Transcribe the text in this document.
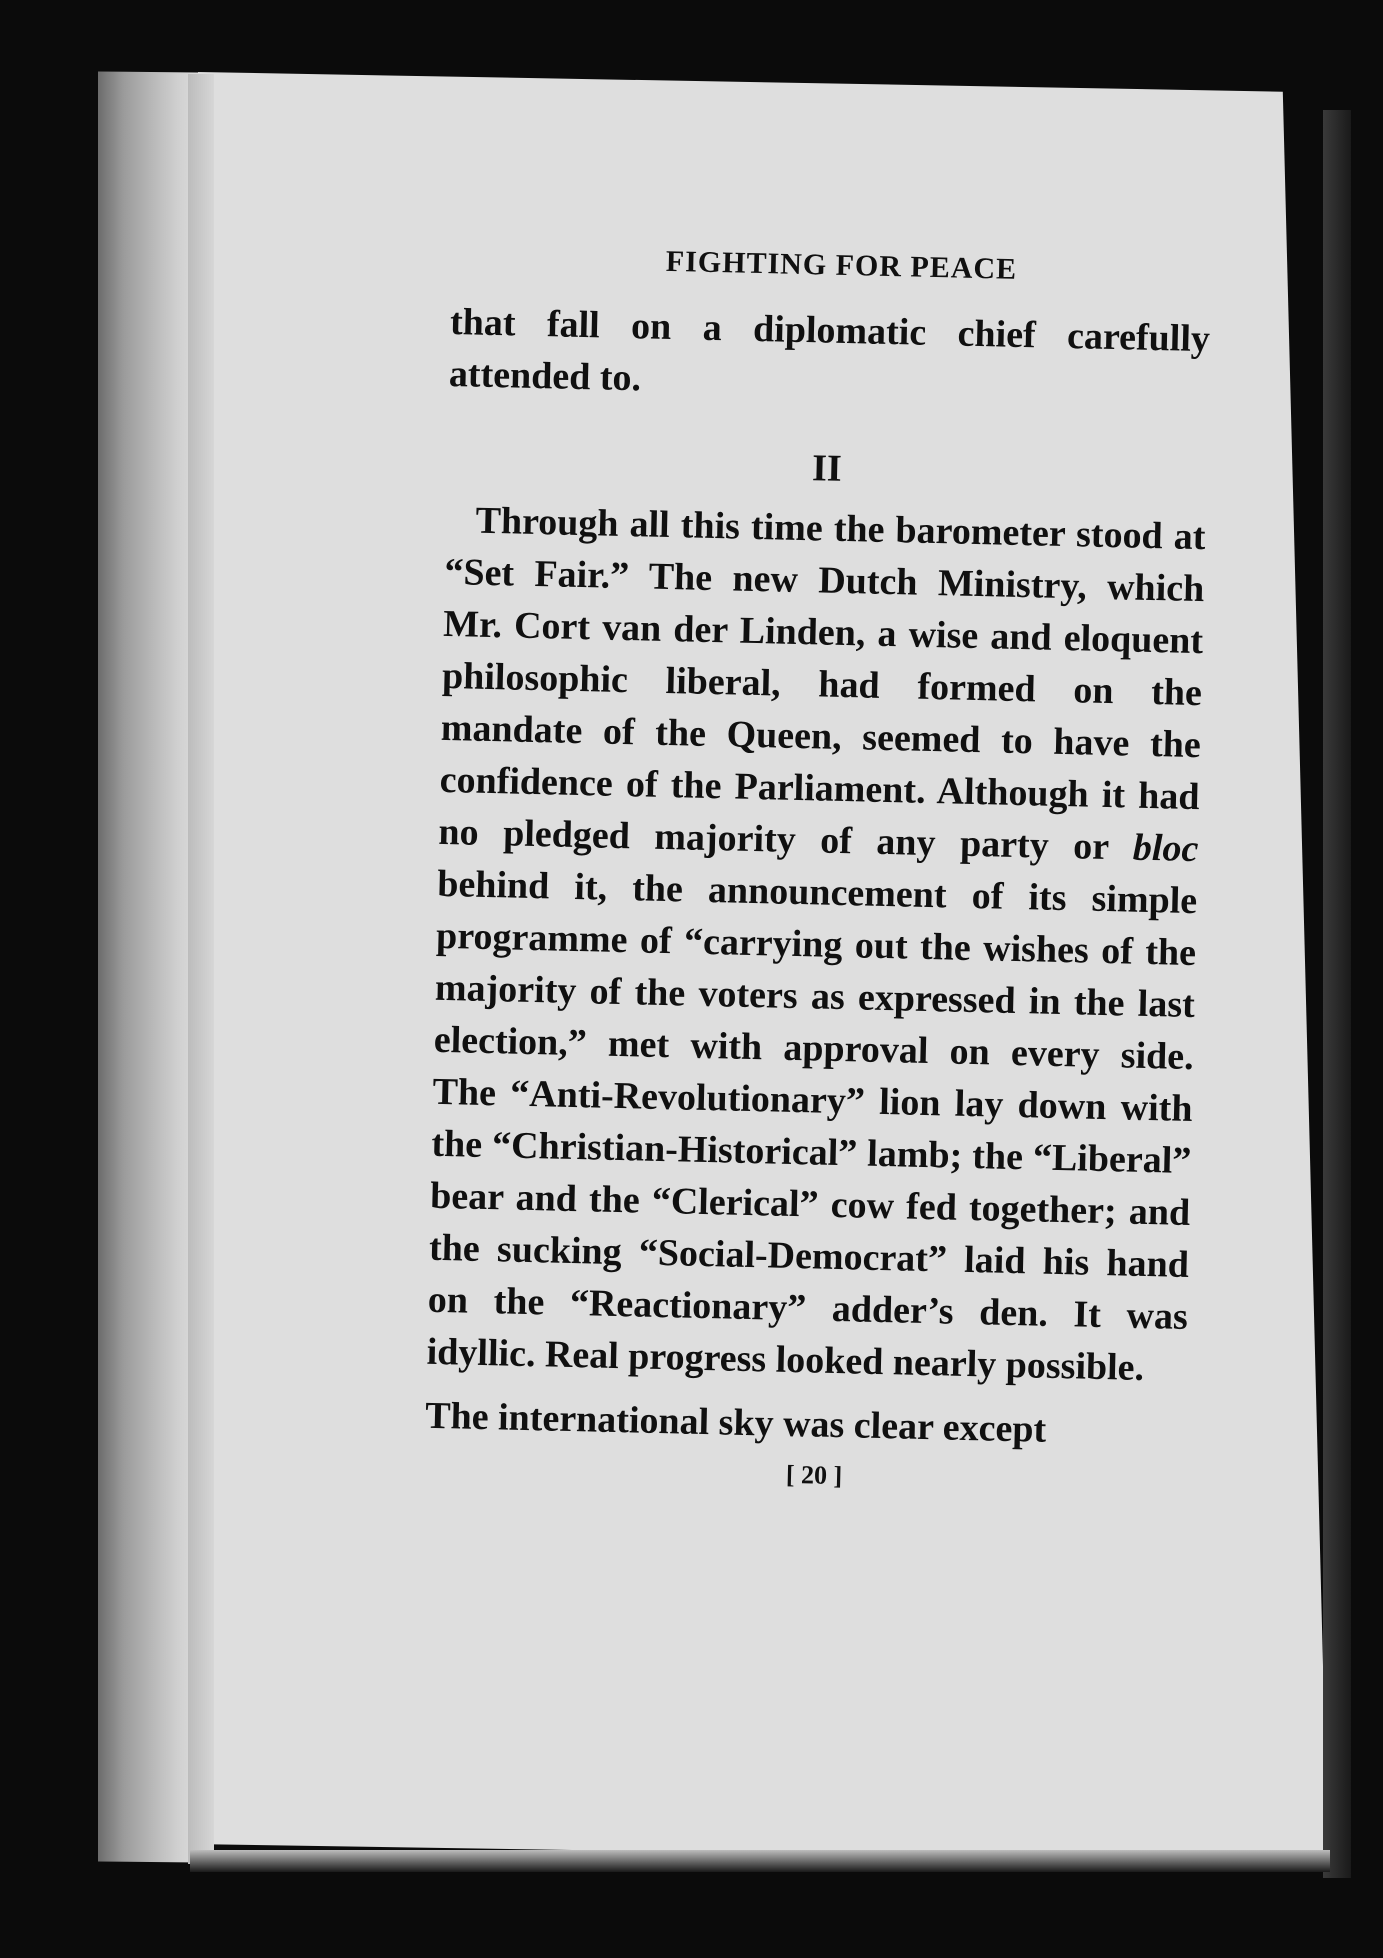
FIGHTING FOR PEACE

that fall on a diplomatic chief carefully attended to.

II

Through all this time the barometer stood at “Set Fair.” The new Dutch Ministry, which Mr. Cort van der Linden, a wise and eloquent philosophic liberal, had formed on the mandate of the Queen, seemed to have the confidence of the Parliament. Although it had no pledged majority of any party or bloc behind it, the announcement of its simple programme of “carrying out the wishes of the majority of the voters as expressed in the last election,” met with approval on every side. The “Anti-Revolutionary” lion lay down with the “Christian-Historical” lamb; the “Liberal” bear and the “Clerical” cow fed together; and the sucking “Social-Democrat” laid his hand on the “Reactionary” adder’s den. It was idyllic. Real progress looked nearly possible.

The international sky was clear except

[ 20 ]
